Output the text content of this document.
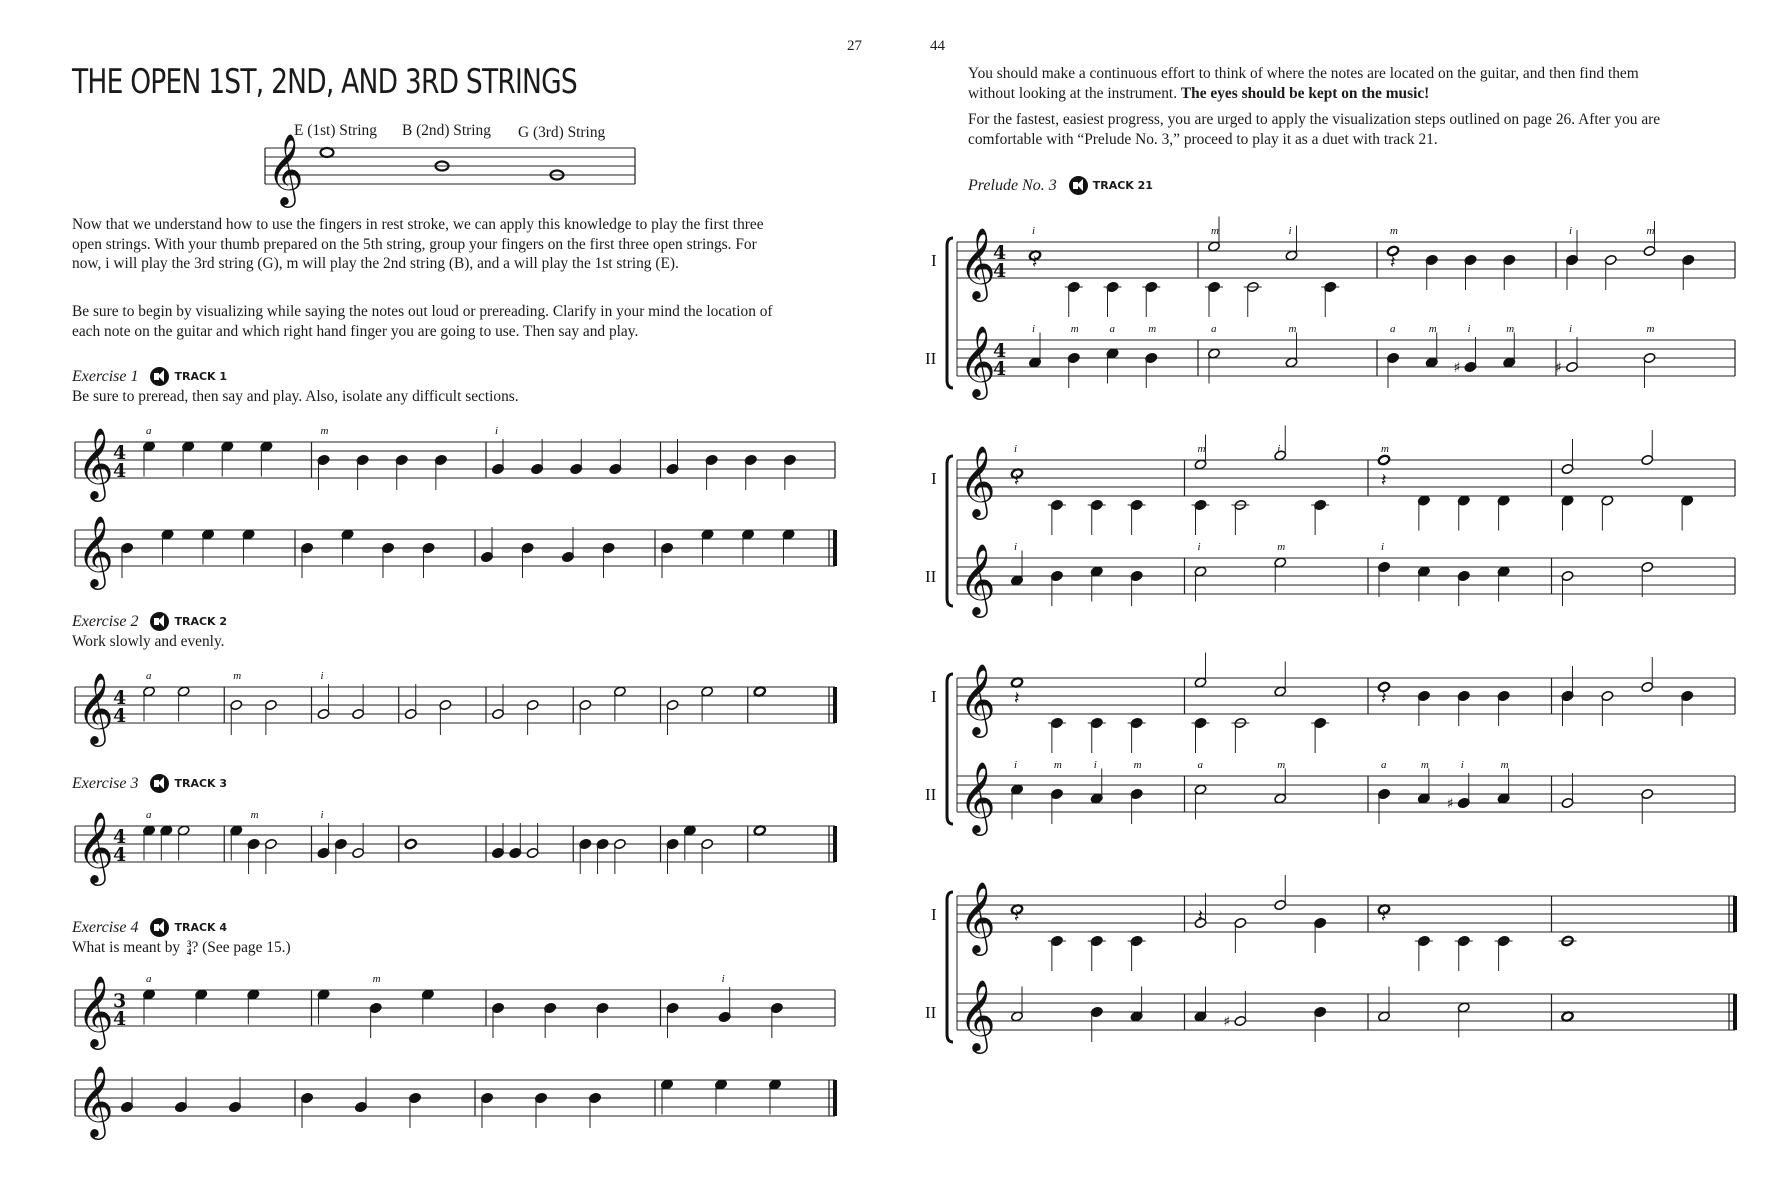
27
THE OPEN 1ST, 2ND, AND 3RD STRINGS
𝄞
E (1st) String B (2nd) String G (3rd) String
Now that we understand how to use the fingers in rest stroke, we can apply this knowledge to play the first three open strings. With your thumb prepared on the 5th string, group your fingers on the first three open strings. For now, i will play the 3rd string (G), m will play the 2nd string (B), and a will play the 1st string (E).
Be sure to begin by visualizing while saying the notes out loud or prereading. Clarify in your mind the location of each note on the guitar and which right hand finger you are going to use. Then say and play.
Exercise 1	TRACK 1
Be sure to preread, then say and play. Also, isolate any difficult sections.
𝄞 4
4
a	m	i
𝄞
Exercise 2	TRACK 2
Work slowly and evenly.
𝄞 4
4
a	m	i
Exercise 3	TRACK 3
𝄞 4
4
a	m	i
Exercise 4	TRACK 4
What is meant by 3
4? (See page 15.)
𝄞 3
4
a	m	i
𝄞
44
You should make a continuous effort to think of where the notes are located on the guitar, and then find them without looking at the instrument. The eyes should be kept on the music!
For the fastest, easiest progress, you are urged to apply the visualization steps outlined on page 26. After you are comfortable with “Prelude No. 3,” proceed to play it as a duet with track 21.
Prelude No. 3	TRACK 21
I
II
𝄞
4
4
𝄞
4
4
i	m	i	m	i	m
𝄽	𝄽
i	m	a	m	a	m	a	m
♯
i	m
♯
i	m
I
II
𝄞
𝄞
i	m	i	m
𝄽	𝄽
i	i	m	i
I
II
𝄞
𝄞
𝄽	𝄽
i	m	i	m	a	m	a	m
♯
i	m
I
II
𝄞
𝄞
𝄽	𝄽	𝄽
♯
